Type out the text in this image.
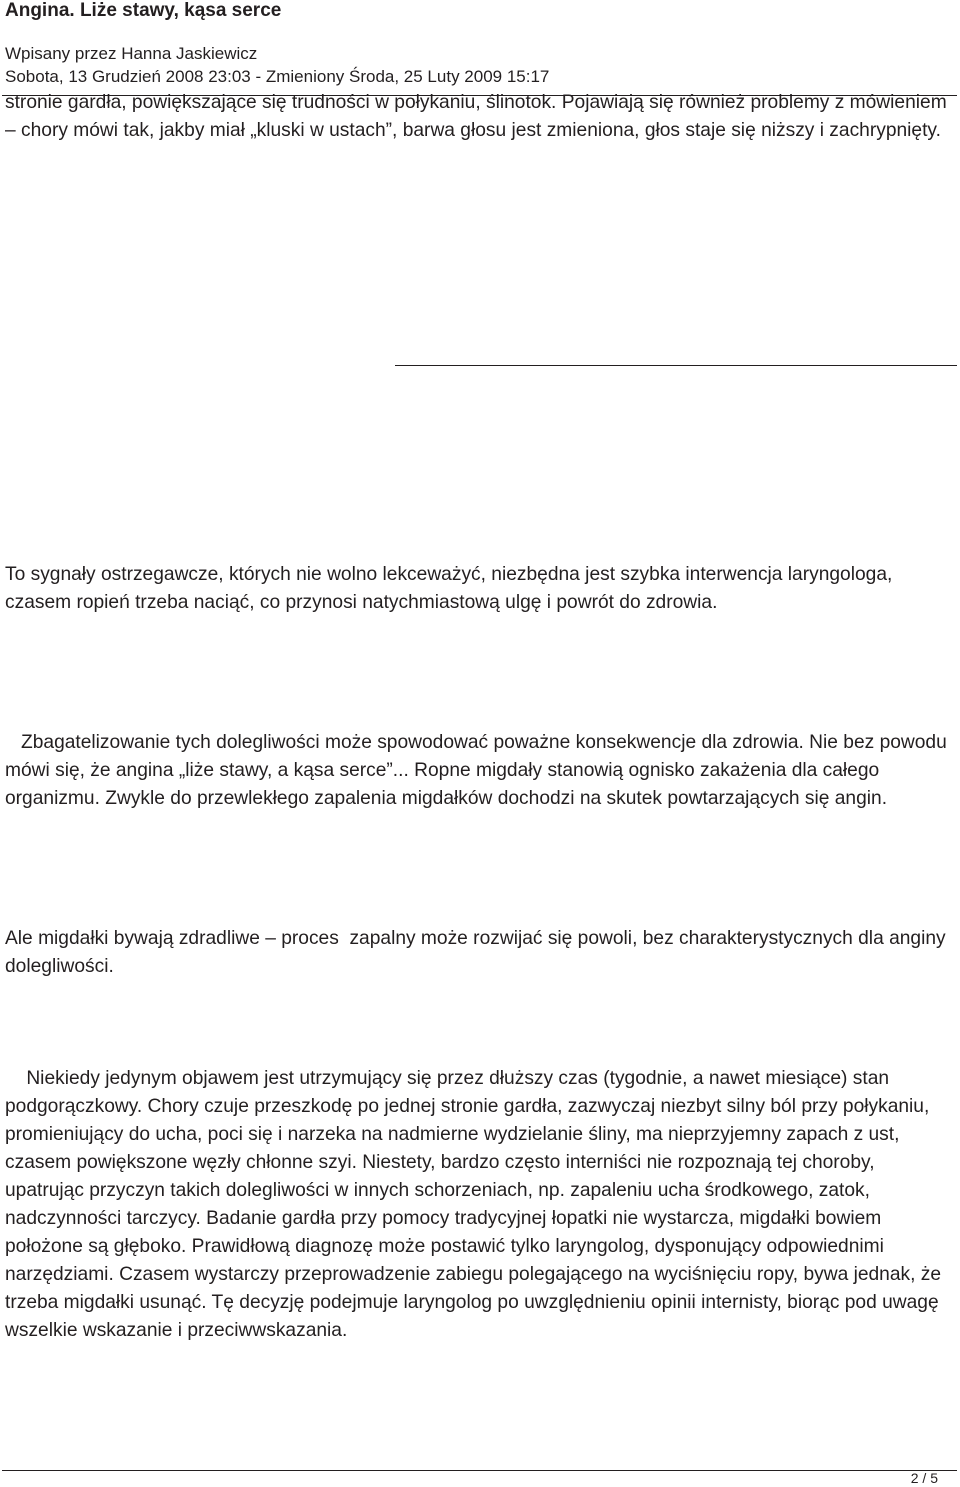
Angina. Liże stawy, kąsa serce
Wpisany przez Hanna Jaskiewicz
Sobota, 13 Grudzień 2008 23:03 - Zmieniony Środa, 25 Luty 2009 15:17

stronie gardła, powiększające się trudności w połykaniu, ślinotok. Pojawiają się również problemy z mówieniem – chory mówi tak, jakby miał „kluski w ustach”, barwa głosu jest zmieniona, głos staje się niższy i zachrypnięty.

To sygnały ostrzegawcze, których nie wolno lekceważyć, niezbędna jest szybka interwencja laryngologa, czasem ropień trzeba naciąć, co przynosi natychmiastową ulgę i powrót do zdrowia.

Zbagatelizowanie tych dolegliwości może spowodować poważne konsekwencje dla zdrowia. Nie bez powodu mówi się, że angina „liże stawy, a kąsa serce”... Ropne migdały stanowią ognisko zakażenia dla całego organizmu. Zwykle do przewlekłego zapalenia migdałków dochodzi na skutek powtarzających się angin.

Ale migdałki bywają zdradliwe – proces  zapalny może rozwijać się powoli, bez charakterystycznych dla anginy dolegliwości.

Niekiedy jedynym objawem jest utrzymujący się przez dłuższy czas (tygodnie, a nawet miesiące) stan podgorączkowy. Chory czuje przeszkodę po jednej stronie gardła, zazwyczaj niezbyt silny ból przy połykaniu, promieniujący do ucha, poci się i narzeka na nadmierne wydzielanie śliny, ma nieprzyjemny zapach z ust, czasem powiększone węzły chłonne szyi. Niestety, bardzo często interniści nie rozpoznają tej choroby, upatrując przyczyn takich dolegliwości w innych schorzeniach, np. zapaleniu ucha środkowego, zatok, nadczynności tarczycy. Badanie gardła przy pomocy tradycyjnej łopatki nie wystarcza, migdałki bowiem położone są głęboko. Prawidłową diagnozę może postawić tylko laryngolog, dysponujący odpowiednimi narzędziami. Czasem wystarczy przeprowadzenie zabiegu polegającego na wyciśnięciu ropy, bywa jednak, że trzeba migdałki usunąć. Tę decyzję podejmuje laryngolog po uwzględnieniu opinii internisty, biorąc pod uwagę wszelkie wskazanie i przeciwwskazania.

2 / 5
